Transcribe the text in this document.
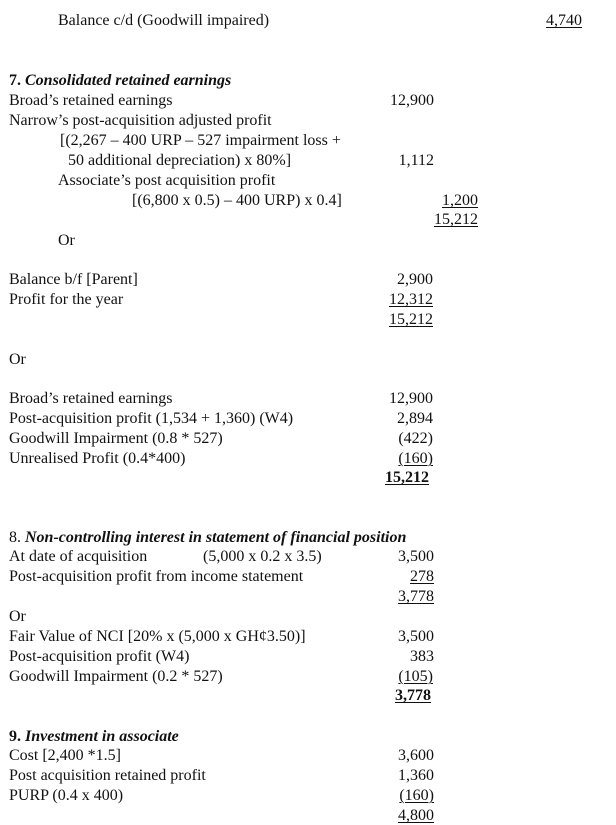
Balance c/d (Goodwill impaired)	4,740
7. Consolidated retained earnings
Broad’s retained earnings	12,900
Narrow’s post-acquisition adjusted profit
[(2,267 – 400 URP – 527 impairment loss +
50 additional depreciation) x 80%]	1,112
Associate’s post acquisition profit
[(6,800 x 0.5) – 400 URP) x 0.4]	1,200
15,212
Or
Balance b/f [Parent]	2,900
Profit for the year	12,312
15,212
Or
Broad’s retained earnings	12,900
Post-acquisition profit (1,534 + 1,360) (W4)	2,894
Goodwill Impairment (0.8 * 527)	(422)
Unrealised Profit (0.4*400)	(160)
15,212
8. Non-controlling interest in statement of financial position
At date of acquisition	(5,000 x 0.2 x 3.5)	3,500
Post-acquisition profit from income statement	278
3,778
Or
Fair Value of NCI [20% x (5,000 x GH¢3.50)]	3,500
Post-acquisition profit (W4)	383
Goodwill Impairment (0.2 * 527)	(105)
3,778
9. Investment in associate
Cost [2,400 *1.5]	3,600
Post acquisition retained profit	1,360
PURP (0.4 x 400)	(160)
4,800
